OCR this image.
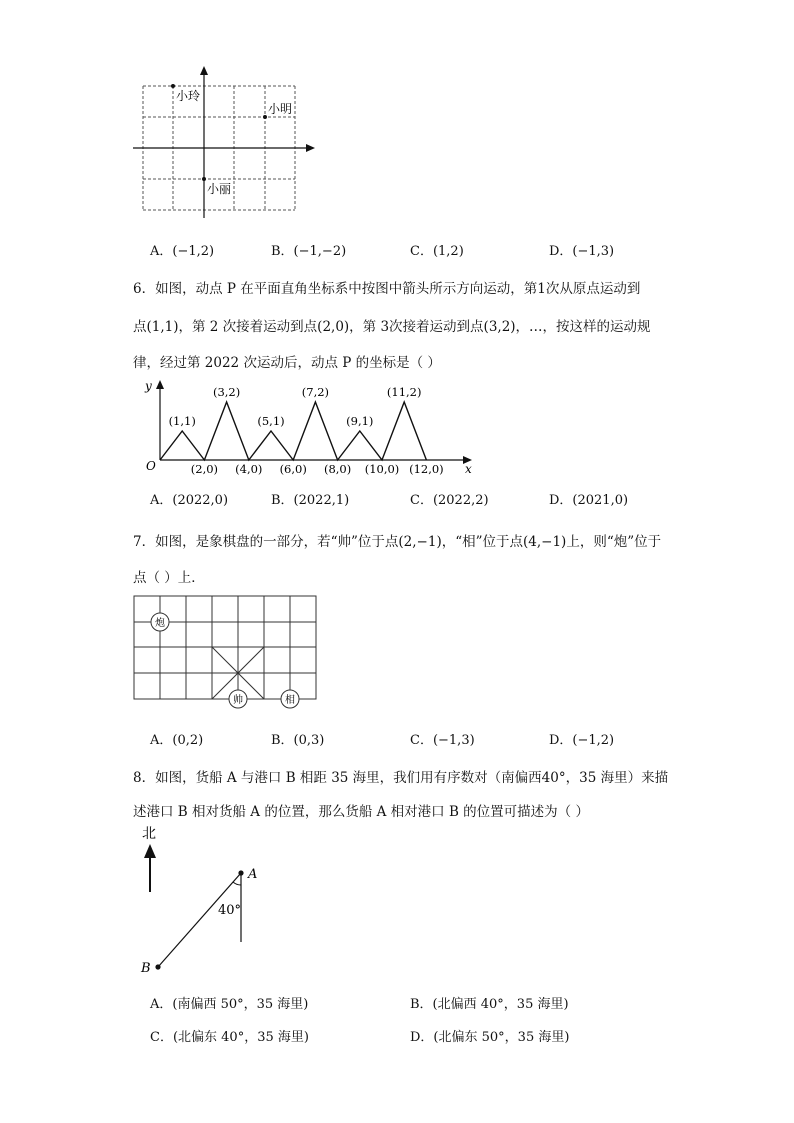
小玲
小明
小丽
A．(−1,2)	B．(−1,−2)	C．(1,2)	D．(−1,3)
6．如图，动点 P 在平面直角坐标系中按图中箭头所示方向运动，第1次从原点运动到
点(1,1)，第 2 次接着运动到点(2,0)，第 3次接着运动到点(3,2)，…，按这样的运动规
律，经过第 2022 次运动后，动点 P 的坐标是（ ）
y
x
O
(1,1)
(2,0)
(3,2)
(4,0)
(5,1)
(6,0)
(7,2)
(8,0)
(9,1)
(10,0)
(11,2)
(12,0)
A．(2022,0)	B．(2022,1)	C．(2022,2)	D．(2021,0)
7．如图，是象棋盘的一部分，若“帅”位于点(2,−1)，“相”位于点(4,−1)上，则“炮”位于
点（ ）上．
炮
帅	相
A．(0,2)	B．(0,3)	C．(−1,3)	D．(−1,2)
8．如图，货船 A 与港口 B 相距 35 海里，我们用有序数对（南偏西40°，35 海里）来描
述港口 B 相对货船 A 的位置，那么货船 A 相对港口 B 的位置可描述为（ ）
北
A
B
40°
A．(南偏西 50°，35 海里)	B．(北偏西 40°，35 海里)
C．(北偏东 40°，35 海里)	D．(北偏东 50°，35 海里)
